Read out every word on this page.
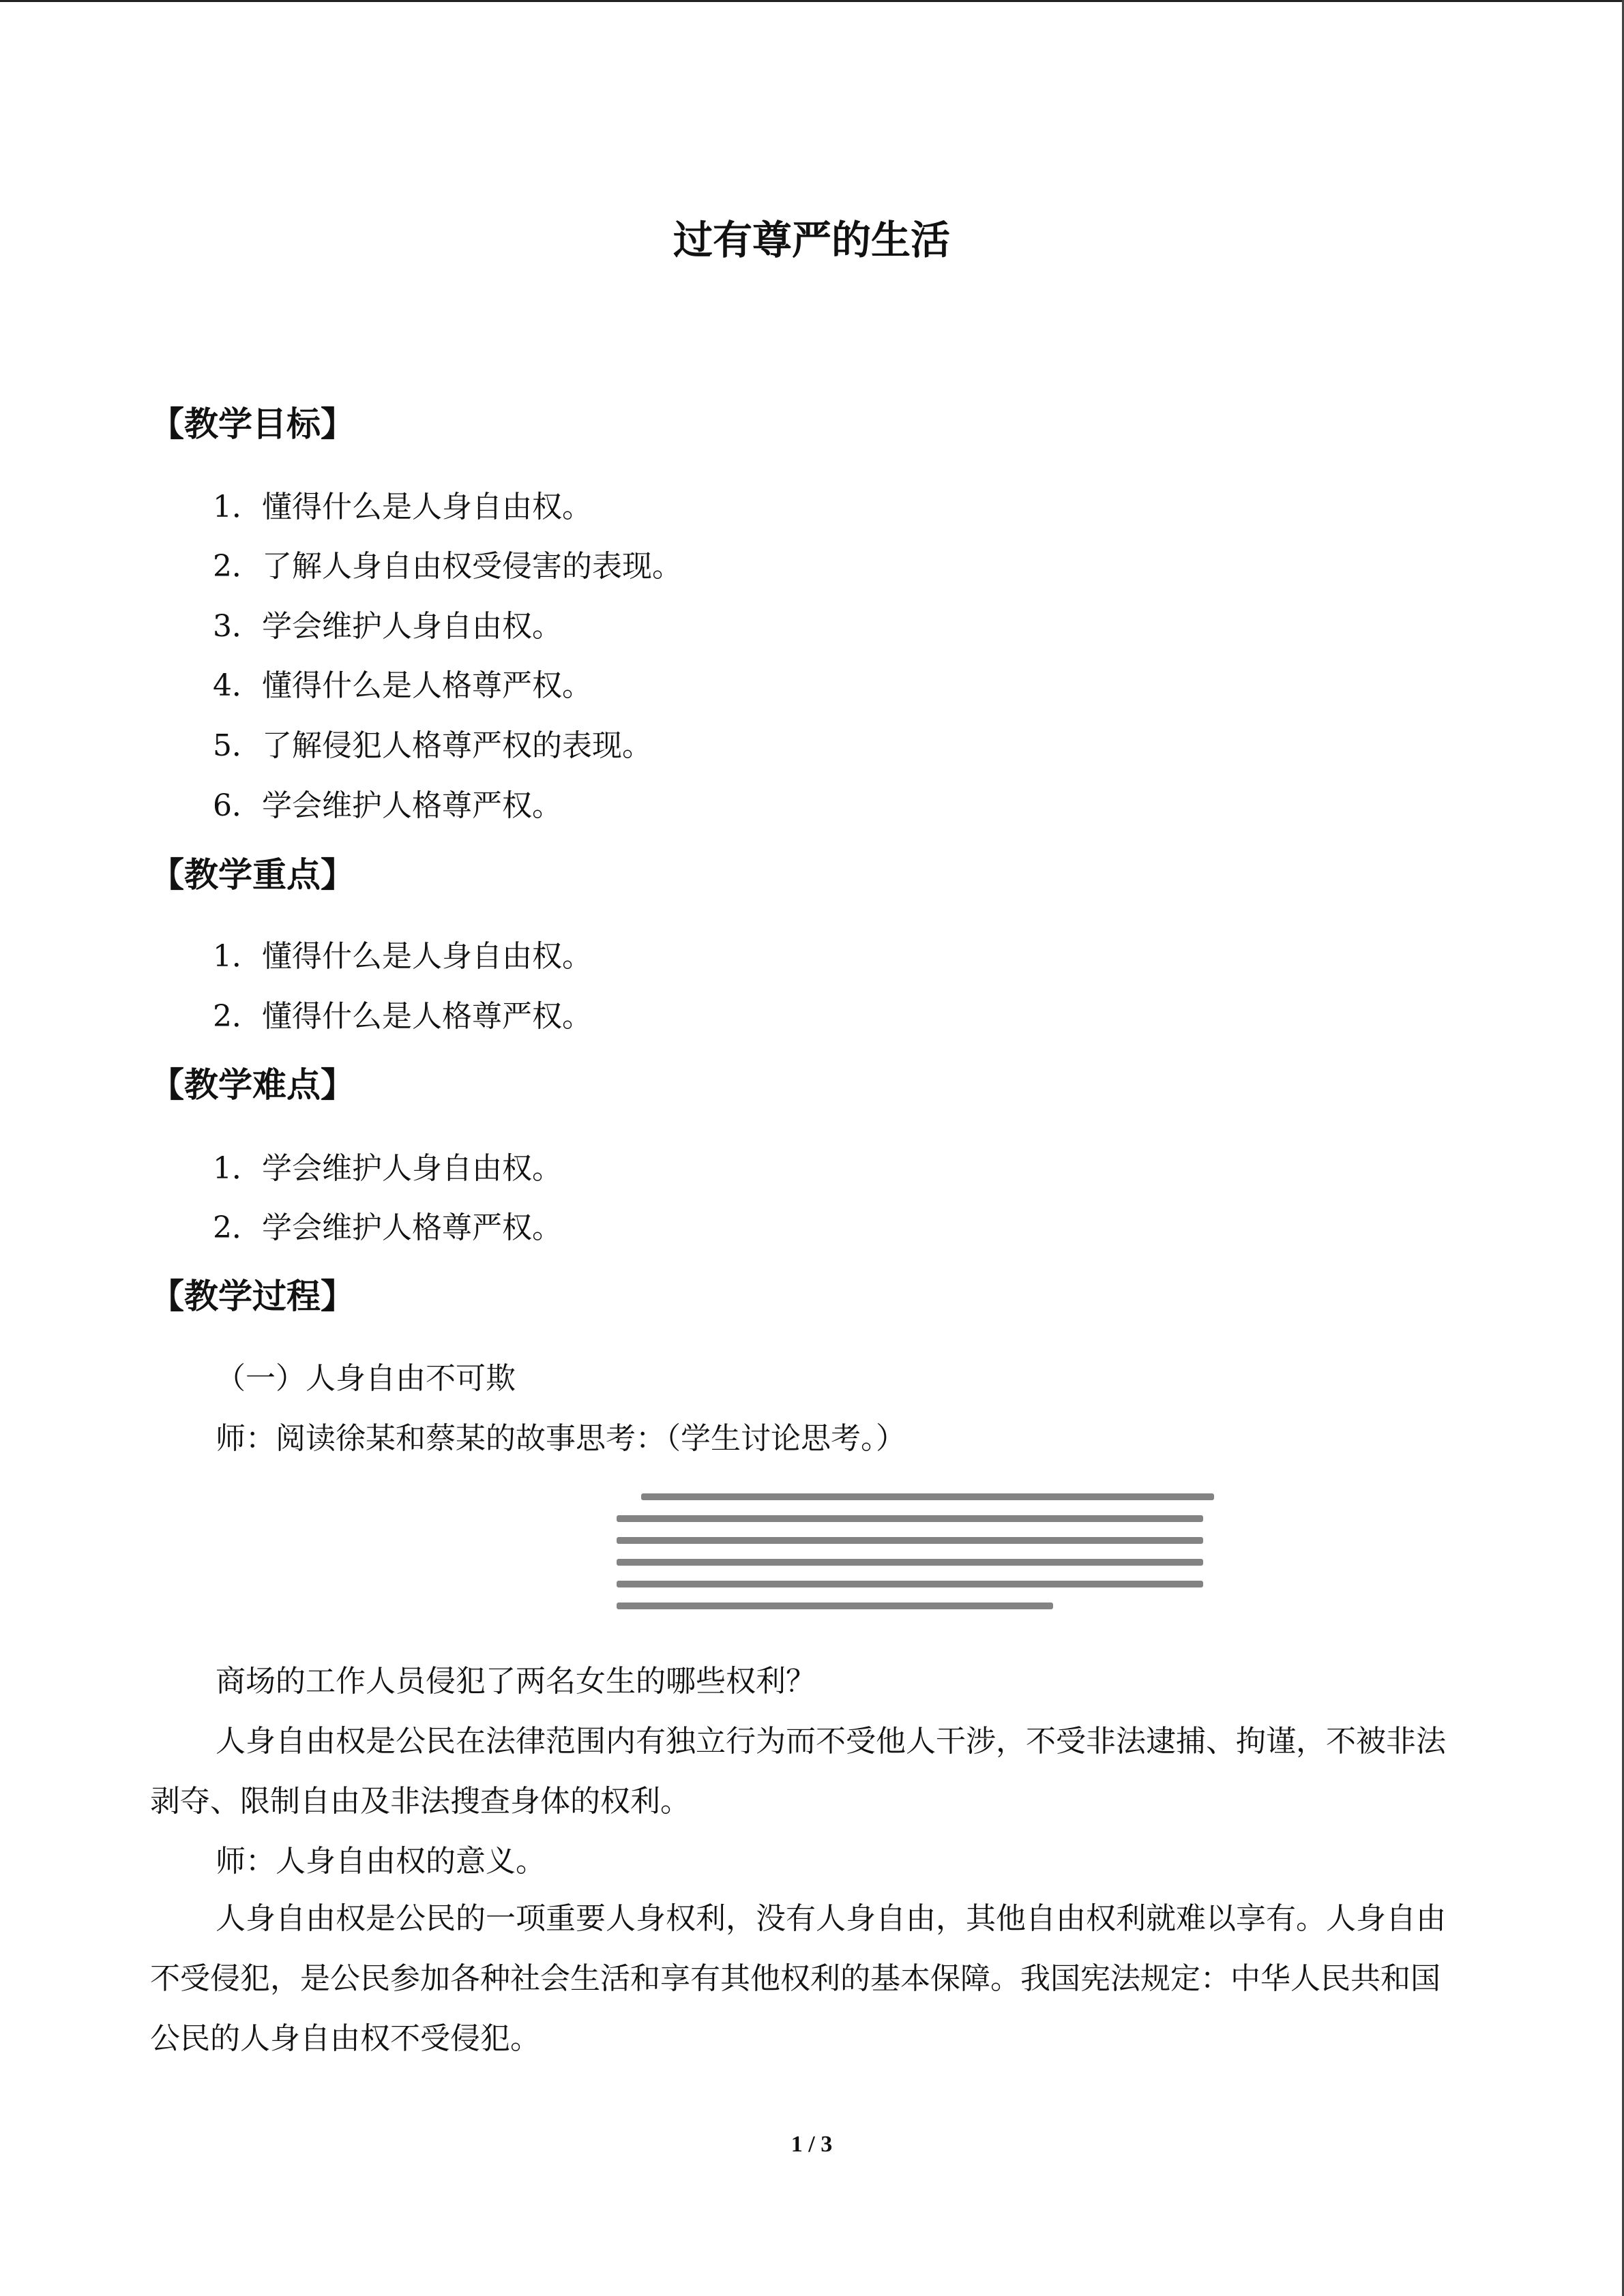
过有尊严的生活
【教学目标】
1．懂得什么是人身自由权。
2．了解人身自由权受侵害的表现。
3．学会维护人身自由权。
4．懂得什么是人格尊严权。
5．了解侵犯人格尊严权的表现。
6．学会维护人格尊严权。
【教学重点】
1．懂得什么是人身自由权。
2．懂得什么是人格尊严权。
【教学难点】
1．学会维护人身自由权。
2．学会维护人格尊严权。
【教学过程】
（一）人身自由不可欺
师：阅读徐某和蔡某的故事思考：（学生讨论思考。）
商场的工作人员侵犯了两名女生的哪些权利？
人身自由权是公民在法律范围内有独立行为而不受他人干涉，不受非法逮捕、拘谨，不被非法剥夺、限制自由及非法搜查身体的权利。
师：人身自由权的意义。
人身自由权是公民的一项重要人身权利，没有人身自由，其他自由权利就难以享有。人身自由不受侵犯，是公民参加各种社会生活和享有其他权利的基本保障。我国宪法规定：中华人民共和国公民的人身自由权不受侵犯。
1 / 3
